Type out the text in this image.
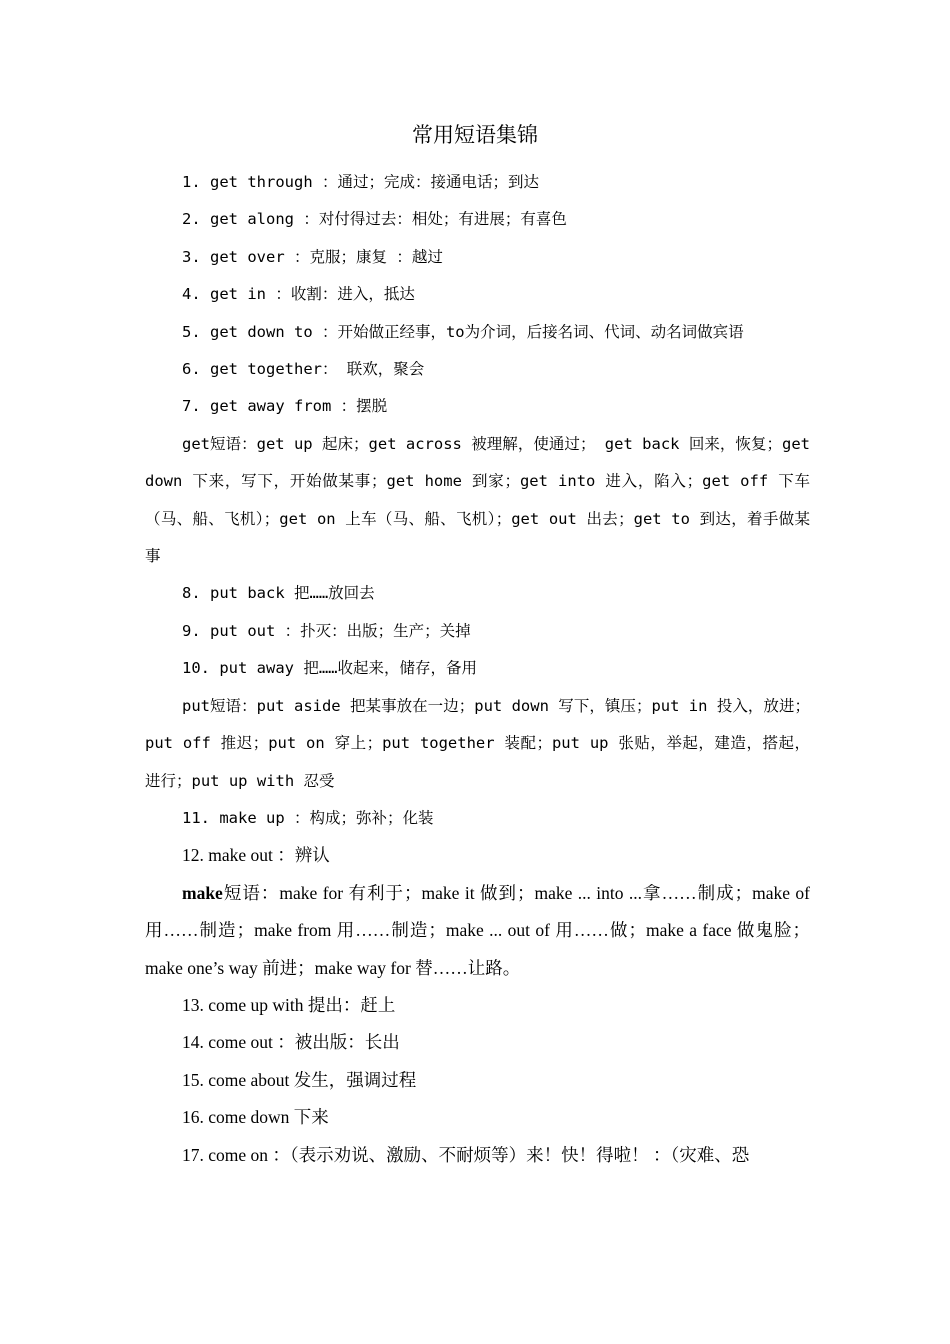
常用短语集锦

1. get through ：通过；完成：接通电话；到达

2. get along ：对付得过去：相处；有进展；有喜色

3. get over ：克服；康复 ：越过

4. get in ：收割：进入，抵达

5. get down to ：开始做正经事，to为介词，后接名词、代词、动名词做宾语

6. get together： 联欢，聚会

7. get away from ：摆脱

get短语：get up 起床；get across 被理解，使通过； get back 回来，恢复；get down 下来，写下，开始做某事；get home 到家；get into 进入，陷入；get off 下车（马、船、飞机）；get on 上车（马、船、飞机）；get out 出去；get to 到达，着手做某事

8. put back 把……放回去

9. put out ：扑灭：出版；生产；关掉

10. put away 把……收起来，储存，备用

put短语：put aside 把某事放在一边；put down 写下，镇压；put in 投入，放进；put off 推迟；put on 穿上；put together 装配；put up 张贴，举起，建造，搭起，进行；put up with 忍受

11. make up ：构成；弥补；化装

12. make out ：辨认

make短语：make for 有利于；make it 做到；make ... into ...拿……制成；make of 用……制造；make from 用……制造；make ... out of 用……做；make a face 做鬼脸；make one’s way 前进；make way for 替……让路。

13. come up with 提出：赶上

14. come out ：被出版：长出

15. come about 发生，强调过程

16. come down 下来

17. come on ：（表示劝说、激励、不耐烦等）来！快！得啦！ ：（灾难、恐
